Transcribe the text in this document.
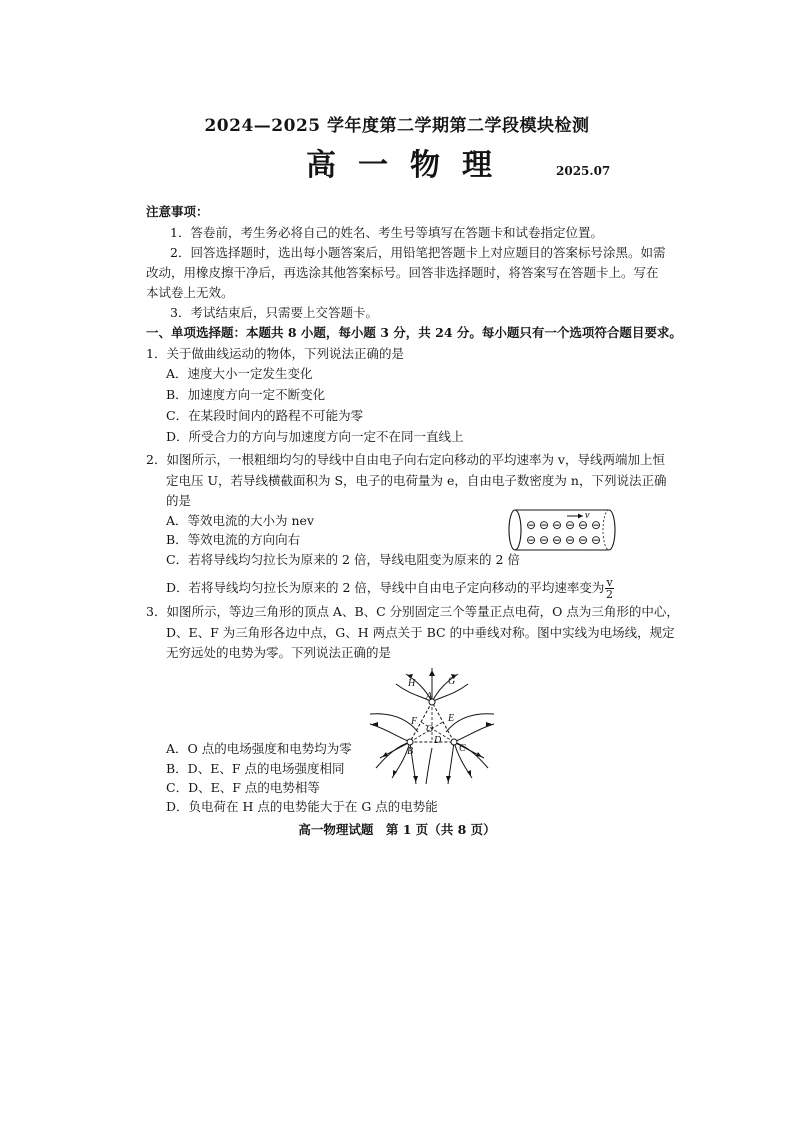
2024—2025 学年度第二学期第二学段模块检测
高一物理	2025.07
注意事项：
1．答卷前，考生务必将自己的姓名、考生号等填写在答题卡和试卷指定位置。
2．回答选择题时，选出每小题答案后，用铅笔把答题卡上对应题目的答案标号涂黑。如需
改动，用橡皮擦干净后，再选涂其他答案标号。回答非选择题时，将答案写在答题卡上。写在
本试卷上无效。
3．考试结束后，只需要上交答题卡。
一、单项选择题：本题共 8 小题，每小题 3 分，共 24 分。每小题只有一个选项符合题目要求。
1．关于做曲线运动的物体，下列说法正确的是
A．速度大小一定发生变化
B．加速度方向一定不断变化
C．在某段时间内的路程不可能为零
D．所受合力的方向与加速度方向一定不在同一直线上
2．如图所示，一根粗细均匀的导线中自由电子向右定向移动的平均速率为 v，导线两端加上恒
定电压 U，若导线横截面积为 S，电子的电荷量为 e，自由电子数密度为 n，下列说法正确
的是
A．等效电流的大小为 nev
B．等效电流的方向向右
C．若将导线均匀拉长为原来的 2 倍，导线电阻变为原来的 2 倍
D．若将导线均匀拉长为原来的 2 倍，导线中自由电子定向移动的平均速率变为 $\frac{v}{2}$
v
⊖ ⊖ ⊖ ⊖ ⊖ ⊖
⊖ ⊖ ⊖ ⊖ ⊖ ⊖
3．如图所示，等边三角形的顶点 A、B、C 分别固定三个等量正点电荷，O 点为三角形的中心，
D、E、F 为三角形各边中点，G、H 两点关于 BC 的中垂线对称。图中实线为电场线，规定
无穷远处的电势为零。下列说法正确的是
H	G
A
F	E
O
B
D
C
A．O 点的电场强度和电势均为零
B．D、E、F 点的电场强度相同
C．D、E、F 点的电势相等
D．负电荷在 H 点的电势能大于在 G 点的电势能
高一物理试题　第 1 页（共 8 页）
